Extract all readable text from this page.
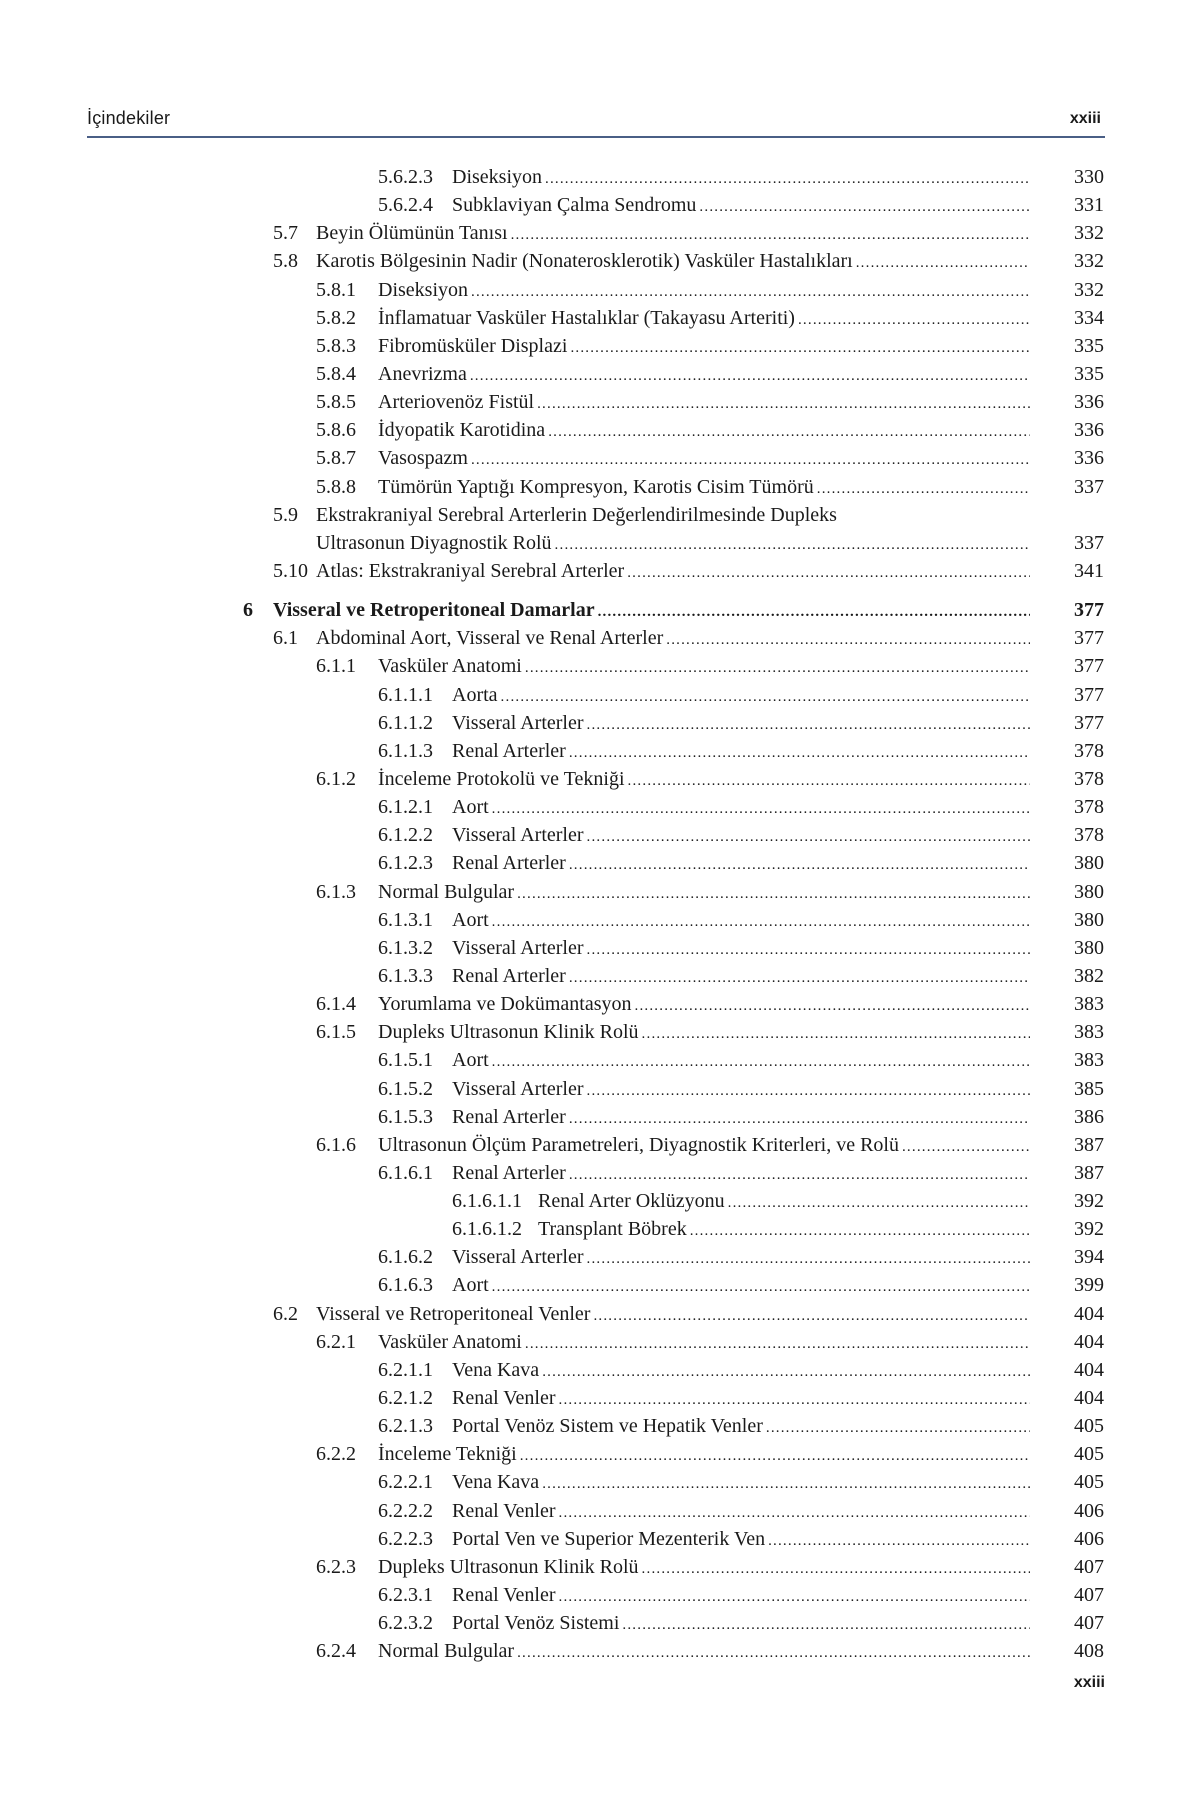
İçindekiler	xxiii
5.6.2.3 Diseksiyon .....	330
5.6.2.4 Subklaviyan Çalma Sendromu .....	331
5.7 Beyin Ölümünün Tanısı .....	332
5.8 Karotis Bölgesinin Nadir (Nonaterosklerotik) Vasküler Hastalıkları .....	332
5.8.1 Diseksiyon .....	332
5.8.2 İnflamatuar Vasküler Hastalıklar (Takayasu Arteriti) .....	334
5.8.3 Fibromüsküler Displazi .....	335
5.8.4 Anevrizma .....	335
5.8.5 Arteriovenöz Fistül .....	336
5.8.6 İdyopatik Karotidina .....	336
5.8.7 Vasospazm .....	336
5.8.8 Tümörün Yaptığı Kompresyon, Karotis Cisim Tümörü .....	337
5.9 Ekstrakraniyal Serebral Arterlerin Değerlendirilmesinde Dupleks
Ultrasonun Diyagnostik Rolü .....	337
5.10 Atlas: Ekstrakraniyal Serebral Arterler .....	341
6 Visseral ve Retroperitoneal Damarlar .....	377
6.1 Abdominal Aort, Visseral ve Renal Arterler .....	377
6.1.1 Vasküler Anatomi .....	377
6.1.1.1 Aorta .....	377
6.1.1.2 Visseral Arterler .....	377
6.1.1.3 Renal Arterler .....	378
6.1.2 İnceleme Protokolü ve Tekniği .....	378
6.1.2.1 Aort .....	378
6.1.2.2 Visseral Arterler .....	378
6.1.2.3 Renal Arterler .....	380
6.1.3 Normal Bulgular .....	380
6.1.3.1 Aort .....	380
6.1.3.2 Visseral Arterler .....	380
6.1.3.3 Renal Arterler .....	382
6.1.4 Yorumlama ve Dokümantasyon .....	383
6.1.5 Dupleks Ultrasonun Klinik Rolü .....	383
6.1.5.1 Aort .....	383
6.1.5.2 Visseral Arterler .....	385
6.1.5.3 Renal Arterler .....	386
6.1.6 Ultrasonun Ölçüm Parametreleri, Diyagnostik Kriterleri, ve Rolü .....	387
6.1.6.1 Renal Arterler .....	387
6.1.6.1.1 Renal Arter Oklüzyonu .....	392
6.1.6.1.2 Transplant Böbrek .....	392
6.1.6.2 Visseral Arterler .....	394
6.1.6.3 Aort .....	399
6.2 Visseral ve Retroperitoneal Venler .....	404
6.2.1 Vasküler Anatomi .....	404
6.2.1.1 Vena Kava .....	404
6.2.1.2 Renal Venler .....	404
6.2.1.3 Portal Venöz Sistem ve Hepatik Venler .....	405
6.2.2 İnceleme Tekniği .....	405
6.2.2.1 Vena Kava .....	405
6.2.2.2 Renal Venler .....	406
6.2.2.3 Portal Ven ve Superior Mezenterik Ven .....	406
6.2.3 Dupleks Ultrasonun Klinik Rolü .....	407
6.2.3.1 Renal Venler .....	407
6.2.3.2 Portal Venöz Sistemi .....	407
6.2.4 Normal Bulgular .....	408
xxiii
